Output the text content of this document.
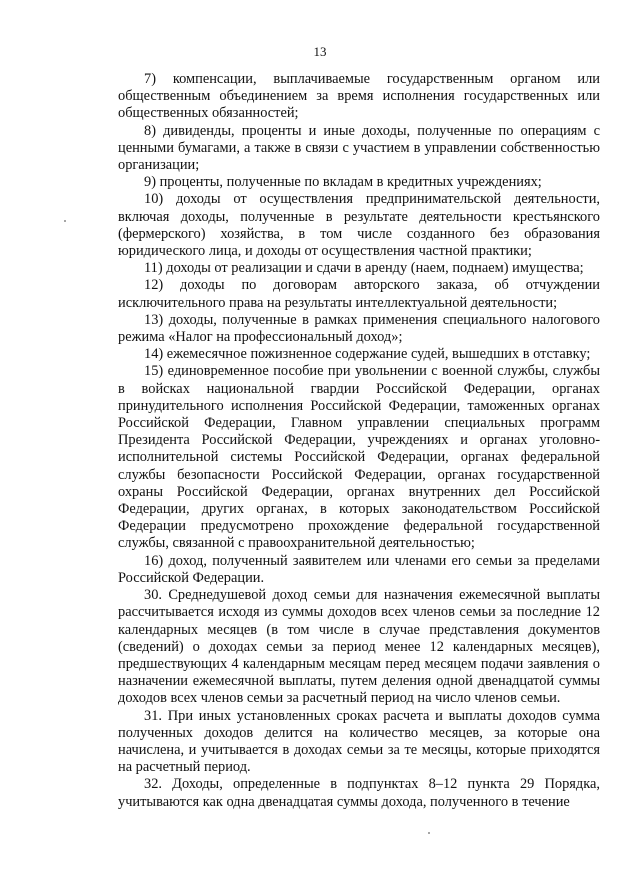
13

7) компенсации, выплачиваемые государственным органом или общественным объединением за время исполнения государственных или общественных обязанностей;

8) дивиденды, проценты и иные доходы, полученные по операциям с ценными бумагами, а также в связи с участием в управлении собственностью организации;

9) проценты, полученные по вкладам в кредитных учреждениях;

10) доходы от осуществления предпринимательской деятельности, включая доходы, полученные в результате деятельности крестьянского (фермерского) хозяйства, в том числе созданного без образования юридического лица, и доходы от осуществления частной практики;

11) доходы от реализации и сдачи в аренду (наем, поднаем) имущества;

12) доходы по договорам авторского заказа, об отчуждении исключительного права на результаты интеллектуальной деятельности;

13) доходы, полученные в рамках применения специального налогового режима «Налог на профессиональный доход»;

14) ежемесячное пожизненное содержание судей, вышедших в отставку;

15) единовременное пособие при увольнении с военной службы, службы в войсках национальной гвардии Российской Федерации, органах принудительного исполнения Российской Федерации, таможенных органах Российской Федерации, Главном управлении специальных программ Президента Российской Федерации, учреждениях и органах уголовно-исполнительной системы Российской Федерации, органах федеральной службы безопасности Российской Федерации, органах государственной охраны Российской Федерации, органах внутренних дел Российской Федерации, других органах, в которых законодательством Российской Федерации предусмотрено прохождение федеральной государственной службы, связанной с правоохранительной деятельностью;

16) доход, полученный заявителем или членами его семьи за пределами Российской Федерации.

30. Среднедушевой доход семьи для назначения ежемесячной выплаты рассчитывается исходя из суммы доходов всех членов семьи за последние 12 календарных месяцев (в том числе в случае представления документов (сведений) о доходах семьи за период менее 12 календарных месяцев), предшествующих 4 календарным месяцам перед месяцем подачи заявления о назначении ежемесячной выплаты, путем деления одной двенадцатой суммы доходов всех членов семьи за расчетный период на число членов семьи.

31. При иных установленных сроках расчета и выплаты доходов сумма полученных доходов делится на количество месяцев, за которые она начислена, и учитывается в доходах семьи за те месяцы, которые приходятся на расчетный период.

32. Доходы, определенные в подпунктах 8–12 пункта 29 Порядка, учитываются как одна двенадцатая суммы дохода, полученного в течение
